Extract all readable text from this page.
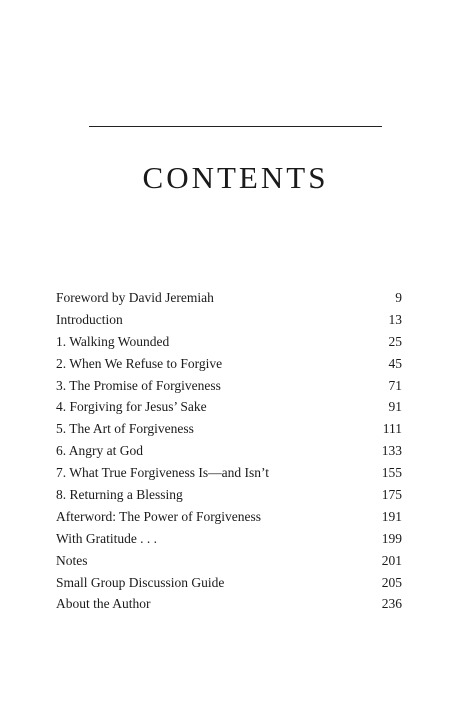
CONTENTS
Foreword by David Jeremiah	9
Introduction	13
1. Walking Wounded	25
2. When We Refuse to Forgive	45
3. The Promise of Forgiveness	71
4. Forgiving for Jesus’ Sake	91
5. The Art of Forgiveness	111
6. Angry at God	133
7. What True Forgiveness Is—and Isn’t	155
8. Returning a Blessing	175
Afterword: The Power of Forgiveness	191
With Gratitude . . .	199
Notes	201
Small Group Discussion Guide	205
About the Author	236
